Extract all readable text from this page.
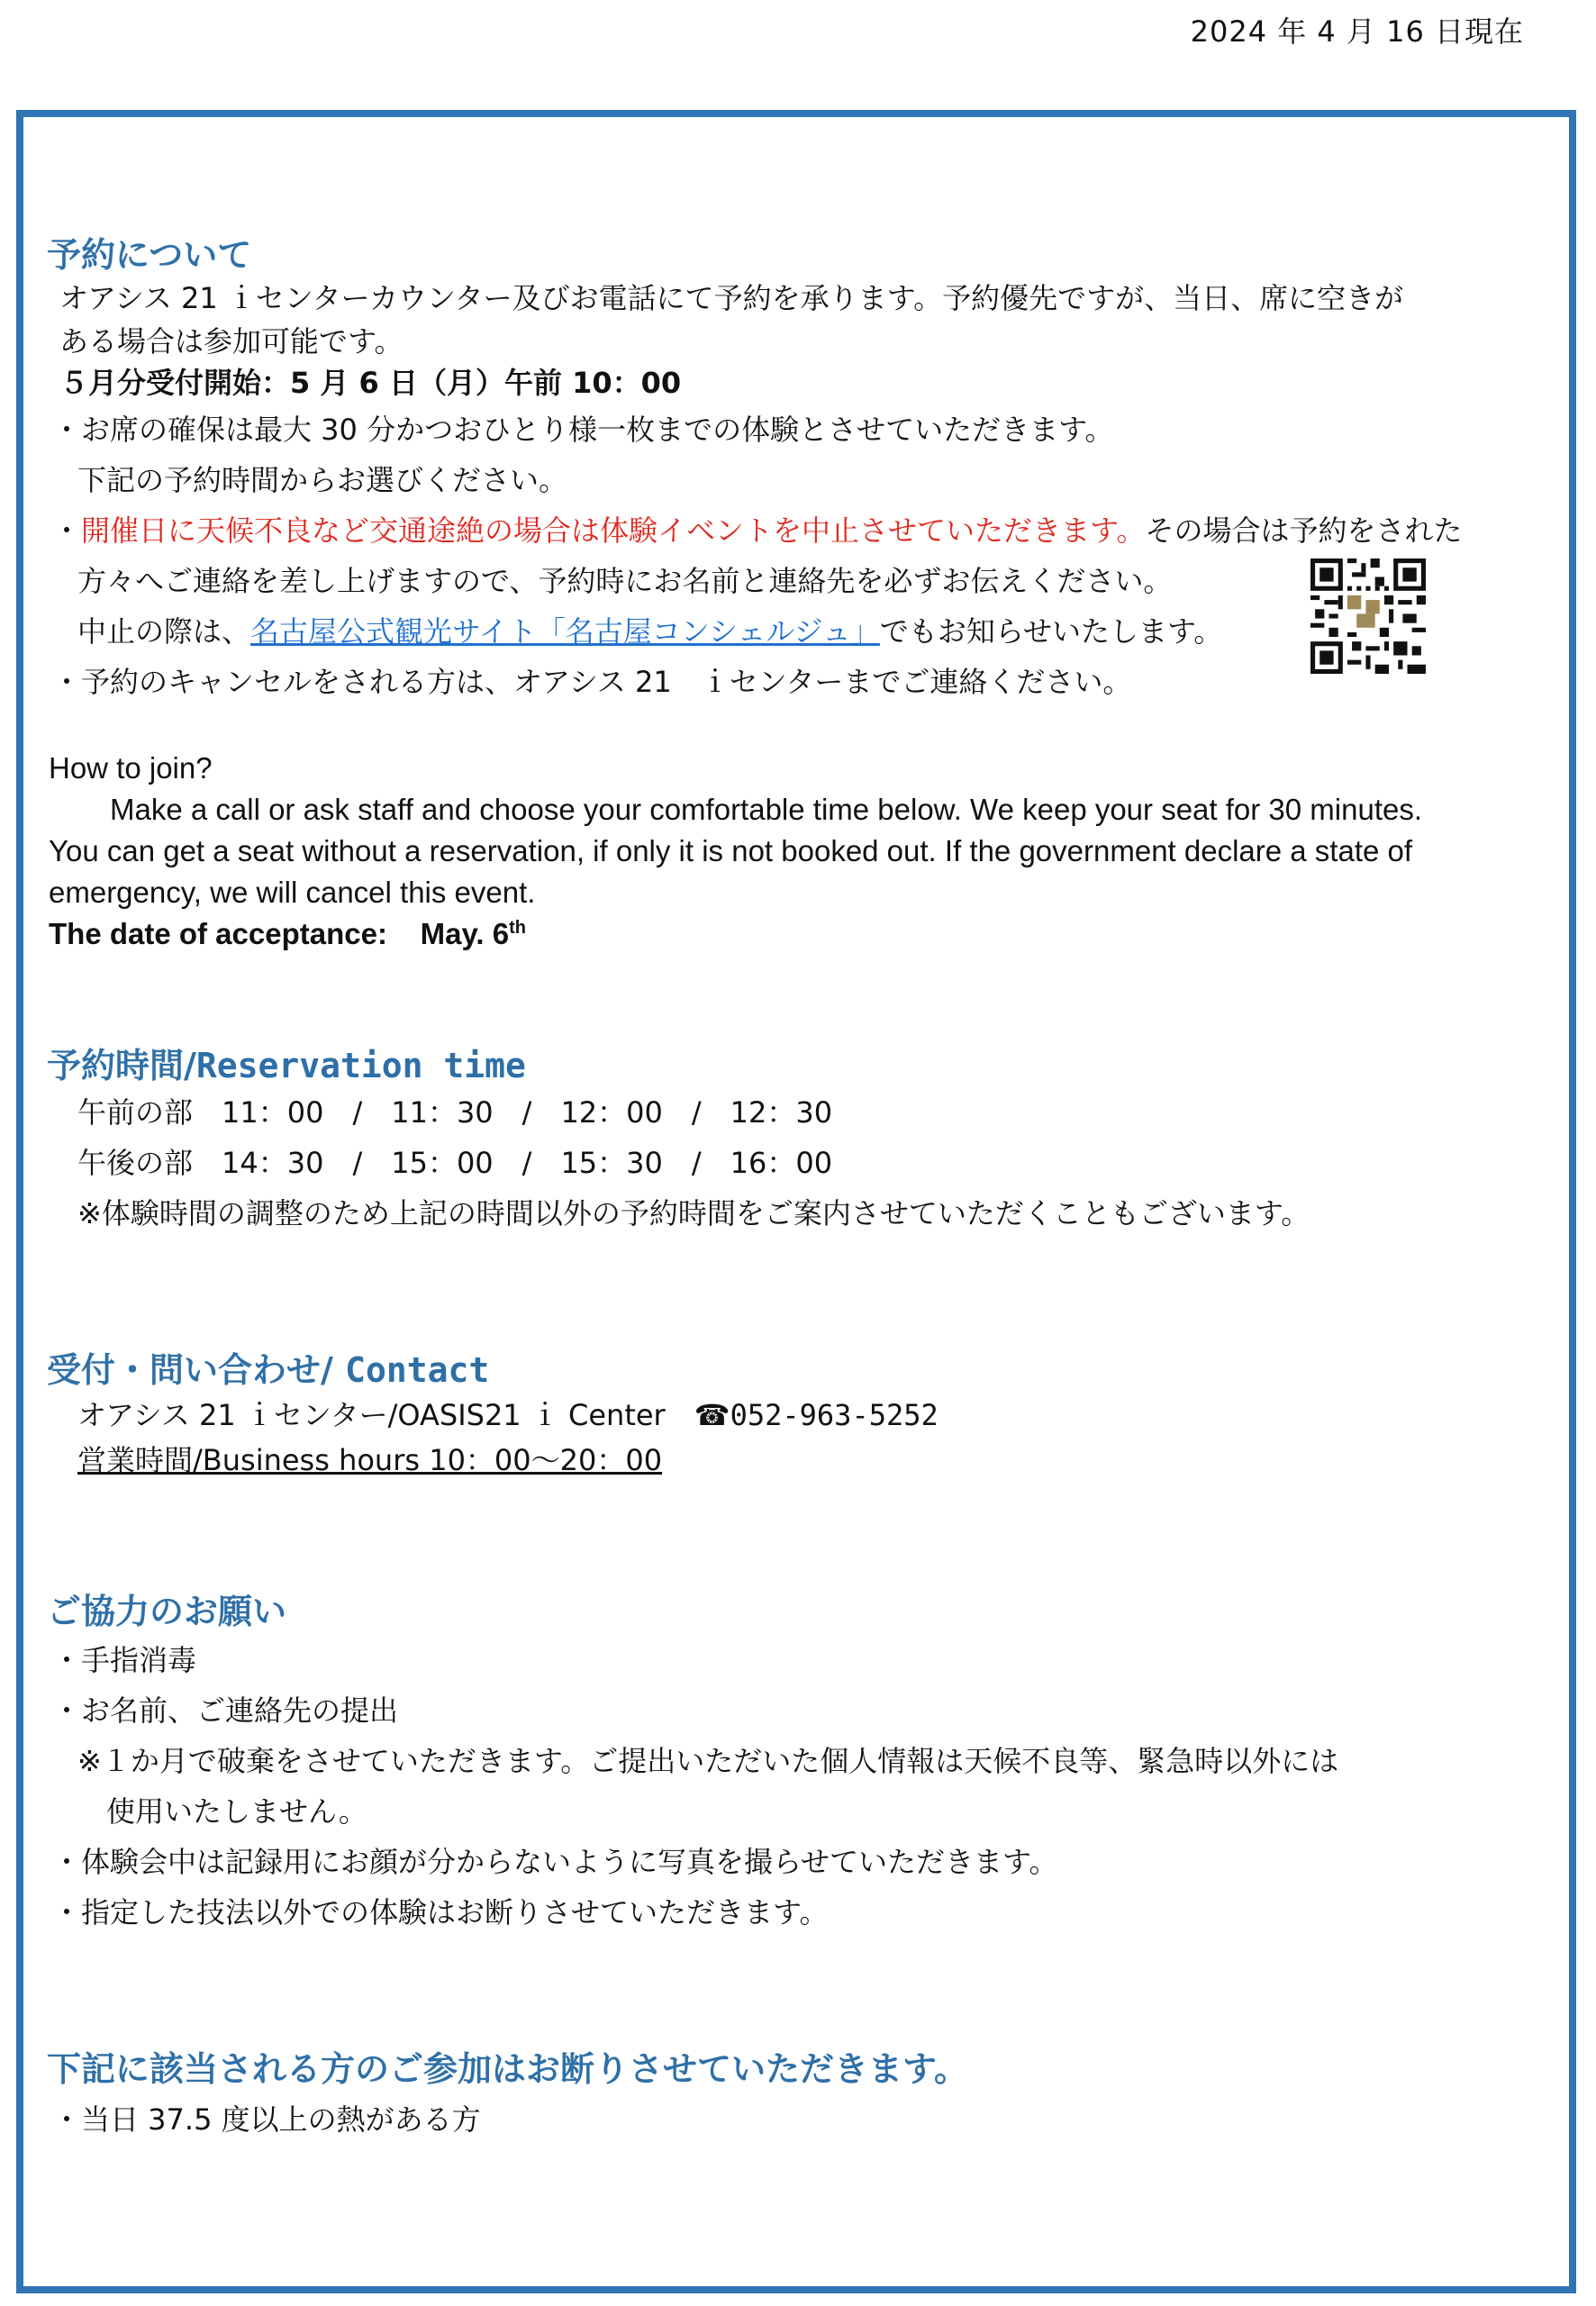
2024 年 4 月 16 日現在
予約について

オアシス 21 ｉセンターカウンター及びお電話にて予約を承ります。予約優先ですが、当日、席に空きが

ある場合は参加可能です。

５月分受付開始：5 月 6 日（月）午前 10：00

・お席の確保は最大 30 分かつおひとり様一枚までの体験とさせていただきます。

下記の予約時間からお選びください。

・開催日に天候不良など交通途絶の場合は体験イベントを中止させていただきます。その場合は予約をされた

方々へご連絡を差し上げますので、予約時にお名前と連絡先を必ずお伝えください。

中止の際は、名古屋公式観光サイト「名古屋コンシェルジュ」でもお知らせいたします。

・予約のキャンセルをされる方は、オアシス 21　ｉセンターまでご連絡ください。

How to join?

Make a call or ask staff and choose your comfortable time below. We keep your seat for 30 minutes.

You can get a seat without a reservation, if only it is not booked out. If the government declare a state of

emergency, we will cancel this event.

The date of acceptance: May. 6th

予約時間/Reservation time

午前の部　11：00　/　11：30　/　12：00　/　12：30

午後の部　14：30　/　15：00　/　15：30　/　16：00

※体験時間の調整のため上記の時間以外の予約時間をご案内させていただくこともございます。

受付・問い合わせ/ Contact

オアシス 21 ｉセンター/OASIS21 ｉ Center　☎052-963-5252

営業時間/Business hours 10：00～20：00

ご協力のお願い

・手指消毒

・お名前、ご連絡先の提出

※１か月で破棄をさせていただきます。ご提出いただいた個人情報は天候不良等、緊急時以外には

使用いたしません。

・体験会中は記録用にお顔が分からないように写真を撮らせていただきます。

・指定した技法以外での体験はお断りさせていただきます。

下記に該当される方のご参加はお断りさせていただきます。

・当日 37.5 度以上の熱がある方
